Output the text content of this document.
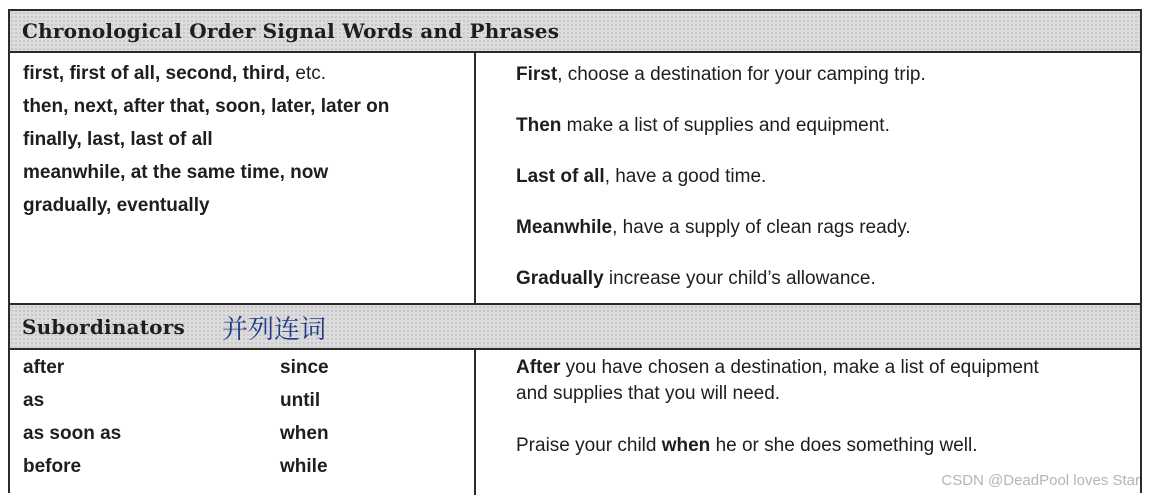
Chronological Order Signal Words and Phrases
first, first of all, second, third, etc.
then, next, after that, soon, later, later on
finally, last, last of all
meanwhile, at the same time, now
gradually, eventually
First, choose a destination for your camping trip.
Then make a list of supplies and equipment.
Last of all, have a good time.
Meanwhile, have a supply of clean rags ready.
Gradually increase your child’s allowance.
Subordinators 并列连词
after
as
as soon as
before
since
until
when
while
After you have chosen a destination, make a list of equipment
and supplies that you will need.
Praise your child when he or she does something well.
CSDN @DeadPool loves Star
